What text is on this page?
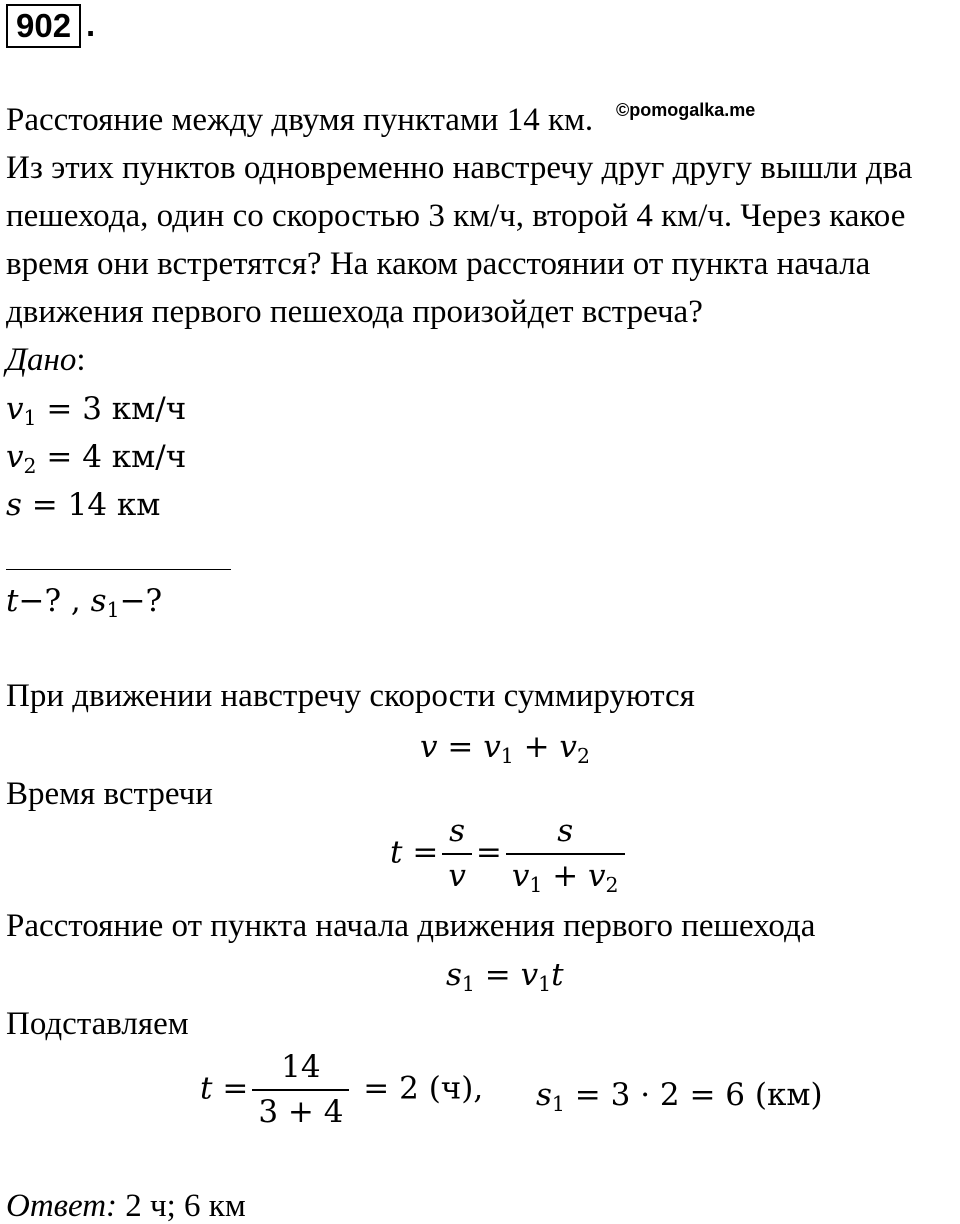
902 .
Расстояние между двумя пунктами 14 км. ©pomogalka.me
Из этих пунктов одновременно навстречу друг другу вышли два
пешехода, один со скоростью 3 км/ч, второй 4 км/ч. Через какое
время они встретятся? На каком расстоянии от пункта начала
движения первого пешехода произойдет встреча?
Дано:
$v_1 = 3$ км/ч
$v_2 = 4$ км/ч
s = 14 км
t−? , $s_1-$?
При движении навстречу скорости суммируются
$v = v_1 + v_2$
Время встречи
$t = \frac{s}{v} = \frac{s}{v_1 + v_2}$
Расстояние от пункта начала движения первого пешехода
$s_1 = v_1t$
Подставляем
$t = \frac{14}{3 + 4} = 2$ (ч), $s_1 = 3 \cdot 2 = 6$ (км)
Ответ: 2 ч; 6 км
